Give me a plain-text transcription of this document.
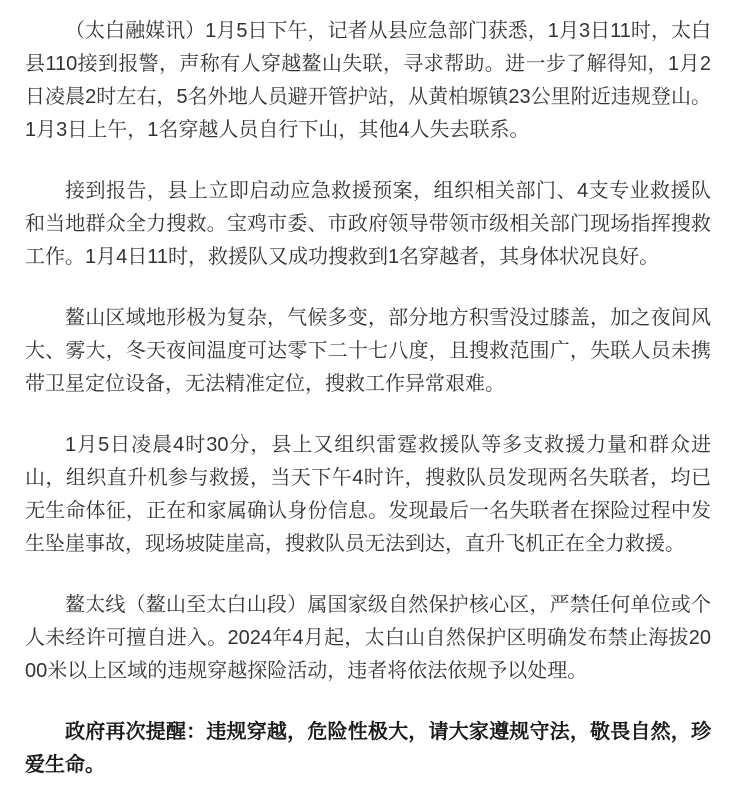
（太白融媒讯）1月5日下午，记者从县应急部门获悉，1月3日11时，太白县110接到报警，声称有人穿越鳌山失联，寻求帮助。进一步了解得知，1月2日凌晨2时左右，5名外地人员避开管护站，从黄柏塬镇23公里附近违规登山。1月3日上午，1名穿越人员自行下山，其他4人失去联系。

接到报告，县上立即启动应急救援预案，组织相关部门、4支专业救援队和当地群众全力搜救。宝鸡市委、市政府领导带领市级相关部门现场指挥搜救工作。1月4日11时，救援队又成功搜救到1名穿越者，其身体状况良好。

鳌山区域地形极为复杂，气候多变，部分地方积雪没过膝盖，加之夜间风大、雾大，冬天夜间温度可达零下二十七八度，且搜救范围广，失联人员未携带卫星定位设备，无法精准定位，搜救工作异常艰难。

1月5日凌晨4时30分，县上又组织雷霆救援队等多支救援力量和群众进山，组织直升机参与救援，当天下午4时许，搜救队员发现两名失联者，均已无生命体征，正在和家属确认身份信息。发现最后一名失联者在探险过程中发生坠崖事故，现场坡陡崖高，搜救队员无法到达，直升飞机正在全力救援。

鳌太线（鳌山至太白山段）属国家级自然保护核心区，严禁任何单位或个人未经许可擅自进入。2024年4月起，太白山自然保护区明确发布禁止海拔2000米以上区域的违规穿越探险活动，违者将依法依规予以处理。

政府再次提醒：违规穿越，危险性极大，请大家遵规守法，敬畏自然，珍爱生命。
